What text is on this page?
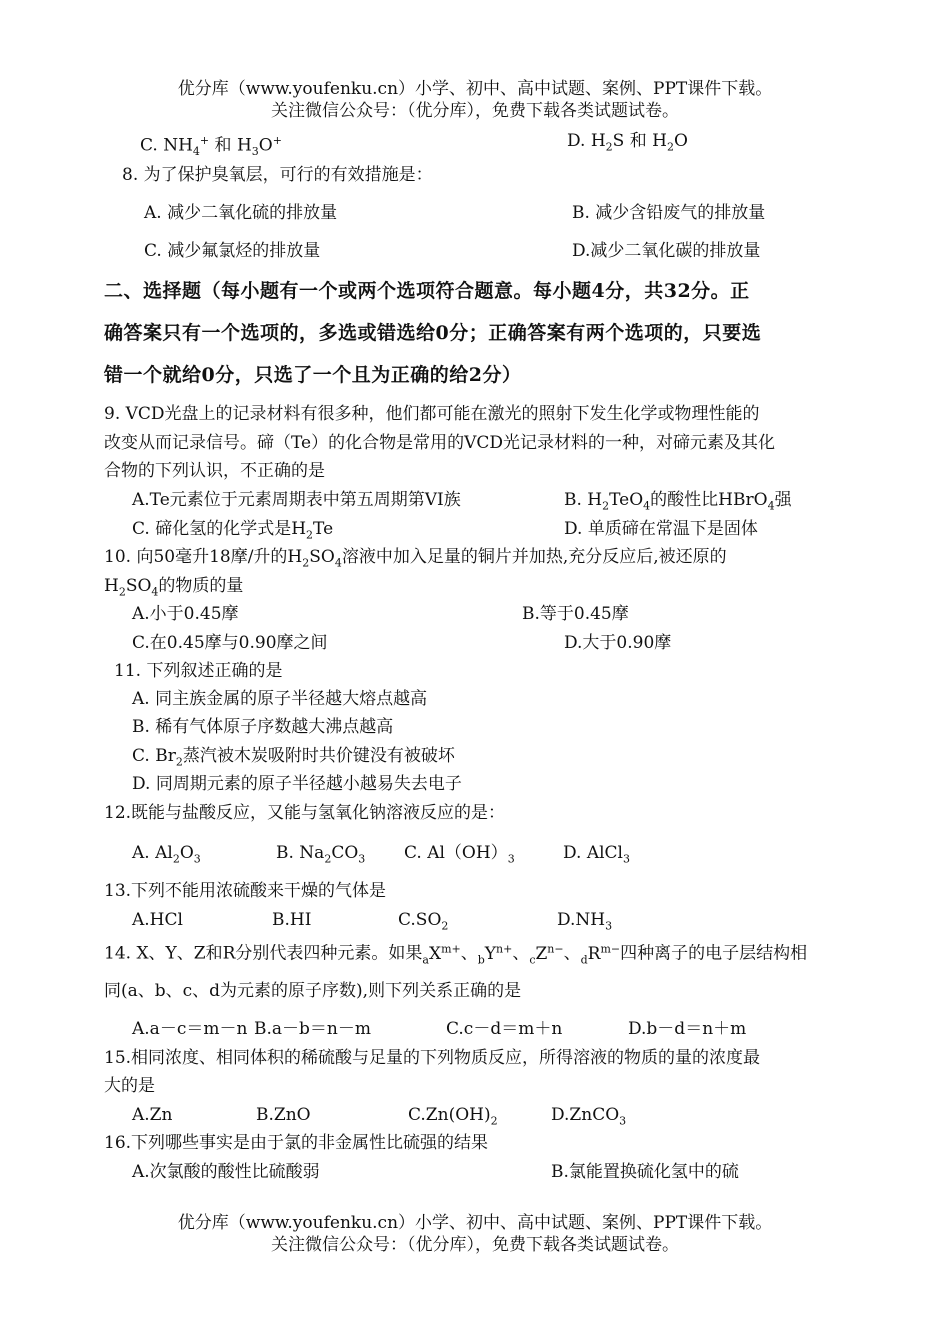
优分库（www.youfenku.cn）小学、初中、高中试题、案例、PPT课件下载。
关注微信公众号：（优分库），免费下载各类试题试卷。
C. $NH_4^+$ 和 $H_3O^+$	D. $H_2S$ 和 $H_2O$
8. 为了保护臭氧层，可行的有效措施是：
A. 减少二氧化硫的排放量	B. 减少含铅废气的排放量
C. 减少氟氯烃的排放量	D.减少二氧化碳的排放量
二、选择题（每小题有一个或两个选项符合题意。每小题4分，共32分。正
确答案只有一个选项的，多选或错选给0分；正确答案有两个选项的，只要选
错一个就给0分，只选了一个且为正确的给2分）
9. VCD光盘上的记录材料有很多种，他们都可能在激光的照射下发生化学或物理性能的
改变从而记录信号。碲（Te）的化合物是常用的VCD光记录材料的一种，对碲元素及其化
合物的下列认识，不正确的是
A.Te元素位于元素周期表中第五周期第VI族	B. $H_2TeO_4$的酸性比HBrO$_4$强
C. 碲化氢的化学式是$H_2Te$	D. 单质碲在常温下是固体
10. 向50毫升18摩/升的$H_2SO_4$溶液中加入足量的铜片并加热,充分反应后,被还原的
$H_2SO_4$的物质的量
A.小于0.45摩	B.等于0.45摩
C.在0.45摩与0.90摩之间	D.大于0.90摩
11. 下列叙述正确的是
A. 同主族金属的原子半径越大熔点越高
B. 稀有气体原子序数越大沸点越高
C. $Br_2$蒸汽被木炭吸附时共价键没有被破坏
D. 同周期元素的原子半径越小越易失去电子
12.既能与盐酸反应，又能与氢氧化钠溶液反应的是：
A. $Al_2O_3$	B. $Na_2CO_3$ C. $Al(OH)_3$	D. AlCl$_3$
13.下列不能用浓硫酸来干燥的气体是
A.HCl	B.HI	$C.SO_2$	$D.NH_3$
14. X、Y、Z和R分别代表四种元素。如果$_aX^{m+}$、$_bY^{n+}$、$_cZ^{n-}$、$_dR^{m-}$四种离子的电子层结构相
同(a、b、c、d为元素的原子序数),则下列关系正确的是
A.a－c＝m－n B.a－b＝n－m	C.c－d＝m＋n	D.b－d＝n＋m
15.相同浓度、相同体积的稀硫酸与足量的下列物质反应，所得溶液的物质的量的浓度最
大的是
A.Zn	B.ZnO	$C.Zn(OH)_2$	D.ZnCO$_3$
16.下列哪些事实是由于氯的非金属性比硫强的结果
A.次氯酸的酸性比硫酸弱	B.氯能置换硫化氢中的硫
优分库（www.youfenku.cn）小学、初中、高中试题、案例、PPT课件下载。
关注微信公众号：（优分库），免费下载各类试题试卷。
